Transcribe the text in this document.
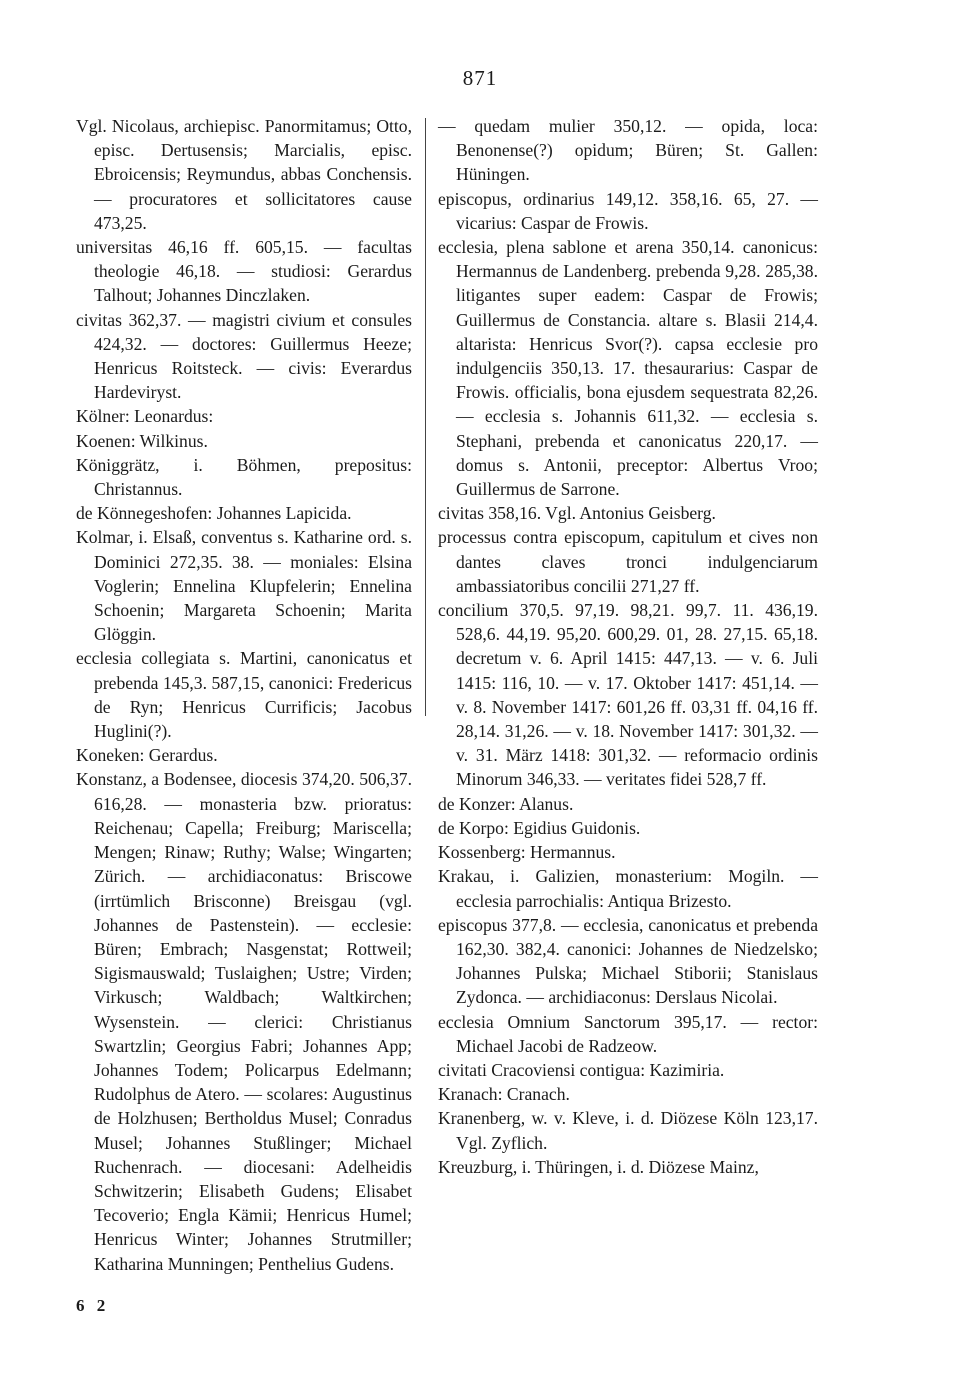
871

Vgl. Nicolaus, archiepisc. Panormitamus; Otto, episc. Dertusensis; Marcialis, episc. Ebroicensis; Reymundus, abbas Conchensis. — procuratores et sollicitatores cause 473,25.

universitas 46,16 ff. 605,15. — facultas theologie 46,18. — studiosi: Gerardus Talhout; Johannes Dinczlaken.

civitas 362,37. — magistri civium et consules 424,32. — doctores: Guillermus Heeze; Henricus Roitsteck. — civis: Everardus Hardeviryst.

Kölner: Leonardus:

Koenen: Wilkinus.

Königgrätz, i. Böhmen, prepositus: Christannus.

de Könnegeshofen: Johannes Lapicida.

Kolmar, i. Elsaß, conventus s. Katharine ord. s. Dominici 272,35. 38. — moniales: Elsina Voglerin; Ennelina Klupfelerin; Ennelina Schoenin; Margareta Schoenin; Marita Glöggin.

ecclesia collegiata s. Martini, canonicatus et prebenda 145,3. 587,15, canonici: Fredericus de Ryn; Henricus Currificis; Jacobus Huglini(?).

Koneken: Gerardus.

Konstanz, a Bodensee, diocesis 374,20. 506,37. 616,28. — monasteria bzw. prioratus: Reichenau; Capella; Freiburg; Mariscella; Mengen; Rinaw; Ruthy; Walse; Wingarten; Zürich. — archidiaconatus: Briscowe (irrtümlich Brisconne) Breisgau (vgl. Johannes de Pastenstein). — ecclesie: Büren; Embrach; Nasgenstat; Rottweil; Sigismauswald; Tuslaighen; Ustre; Virden; Virkusch; Waldbach; Waltkirchen; Wysenstein. — clerici: Christianus Swartzlin; Georgius Fabri; Johannes App; Johannes Todem; Policarpus Edelmann; Rudolphus de Atero. — scolares: Augustinus de Holzhusen; Bertholdus Musel; Conradus Musel; Johannes Stußlinger; Michael Ruchenrach. — diocesani: Adelheidis Schwitzerin; Elisabeth Gudens; Elisabet Tecoverio; Engla Kämii; Henricus Humel; Henricus Winter; Johannes Strutmiller; Katharina Munningen; Penthelius Gudens.

— quedam mulier 350,12. — opida, loca: Benonense(?) opidum; Büren; St. Gallen: Hüningen.

episcopus, ordinarius 149,12. 358,16. 65, 27. — vicarius: Caspar de Frowis.

ecclesia, plena sablone et arena 350,14. canonicus: Hermannus de Landenberg. prebenda 9,28. 285,38. litigantes super eadem: Caspar de Frowis; Guillermus de Constancia. altare s. Blasii 214,4. altarista: Henricus Svor(?). capsa ecclesie pro indulgenciis 350,13. 17. thesaurarius: Caspar de Frowis. officialis, bona ejusdem sequestrata 82,26. — ecclesia s. Johannis 611,32. — ecclesia s. Stephani, prebenda et canonicatus 220,17. — domus s. Antonii, preceptor: Albertus Vroo; Guillermus de Sarrone.

civitas 358,16. Vgl. Antonius Geisberg.

processus contra episcopum, capitulum et cives non dantes claves tronci indulgenciarum ambassiatoribus concilii 271,27 ff.

concilium 370,5. 97,19. 98,21. 99,7. 11. 436,19. 528,6. 44,19. 95,20. 600,29. 01, 28. 27,15. 65,18. decretum v. 6. April 1415: 447,13. — v. 6. Juli 1415: 116, 10. — v. 17. Oktober 1417: 451,14. — v. 8. November 1417: 601,26 ff. 03,31 ff. 04,16 ff. 28,14. 31,26. — v. 18. November 1417: 301,32. — v. 31. März 1418: 301,32. — reformacio ordinis Minorum 346,33. — veritates fidei 528,7 ff.

de Konzer: Alanus.

de Korpo: Egidius Guidonis.

Kossenberg: Hermannus.

Krakau, i. Galizien, monasterium: Mogiln. — ecclesia parrochialis: Antiqua Brizesto.

episcopus 377,8. — ecclesia, canonicatus et prebenda 162,30. 382,4. canonici: Johannes de Niedzelsko; Johannes Pulska; Michael Stiborii; Stanislaus Zydonca. — archidiaconus: Derslaus Nicolai.

ecclesia Omnium Sanctorum 395,17. — rector: Michael Jacobi de Radzeow.

civitati Cracoviensi contigua: Kazimiria.

Kranach: Cranach.

Kranenberg, w. v. Kleve, i. d. Diözese Köln 123,17. Vgl. Zyflich.

Kreuzburg, i. Thüringen, i. d. Diözese Mainz,

6 2
